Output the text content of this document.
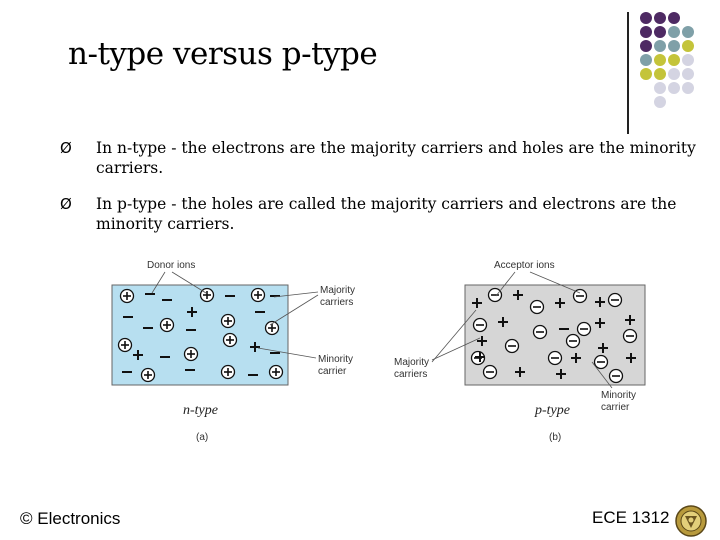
n-type versus p-type
Ø In n-type - the electrons are the majority carriers and holes are the minority carriers.
Ø In p-type - the holes are called the majority carriers and electrons are the minority carriers.
Donor ions
Majority
carriers
Minority
carrier
n-type
(a)
Acceptor ions
Majority
carriers
Minority
carrier
p-type
(b)
© Electronics	ECE 1312
